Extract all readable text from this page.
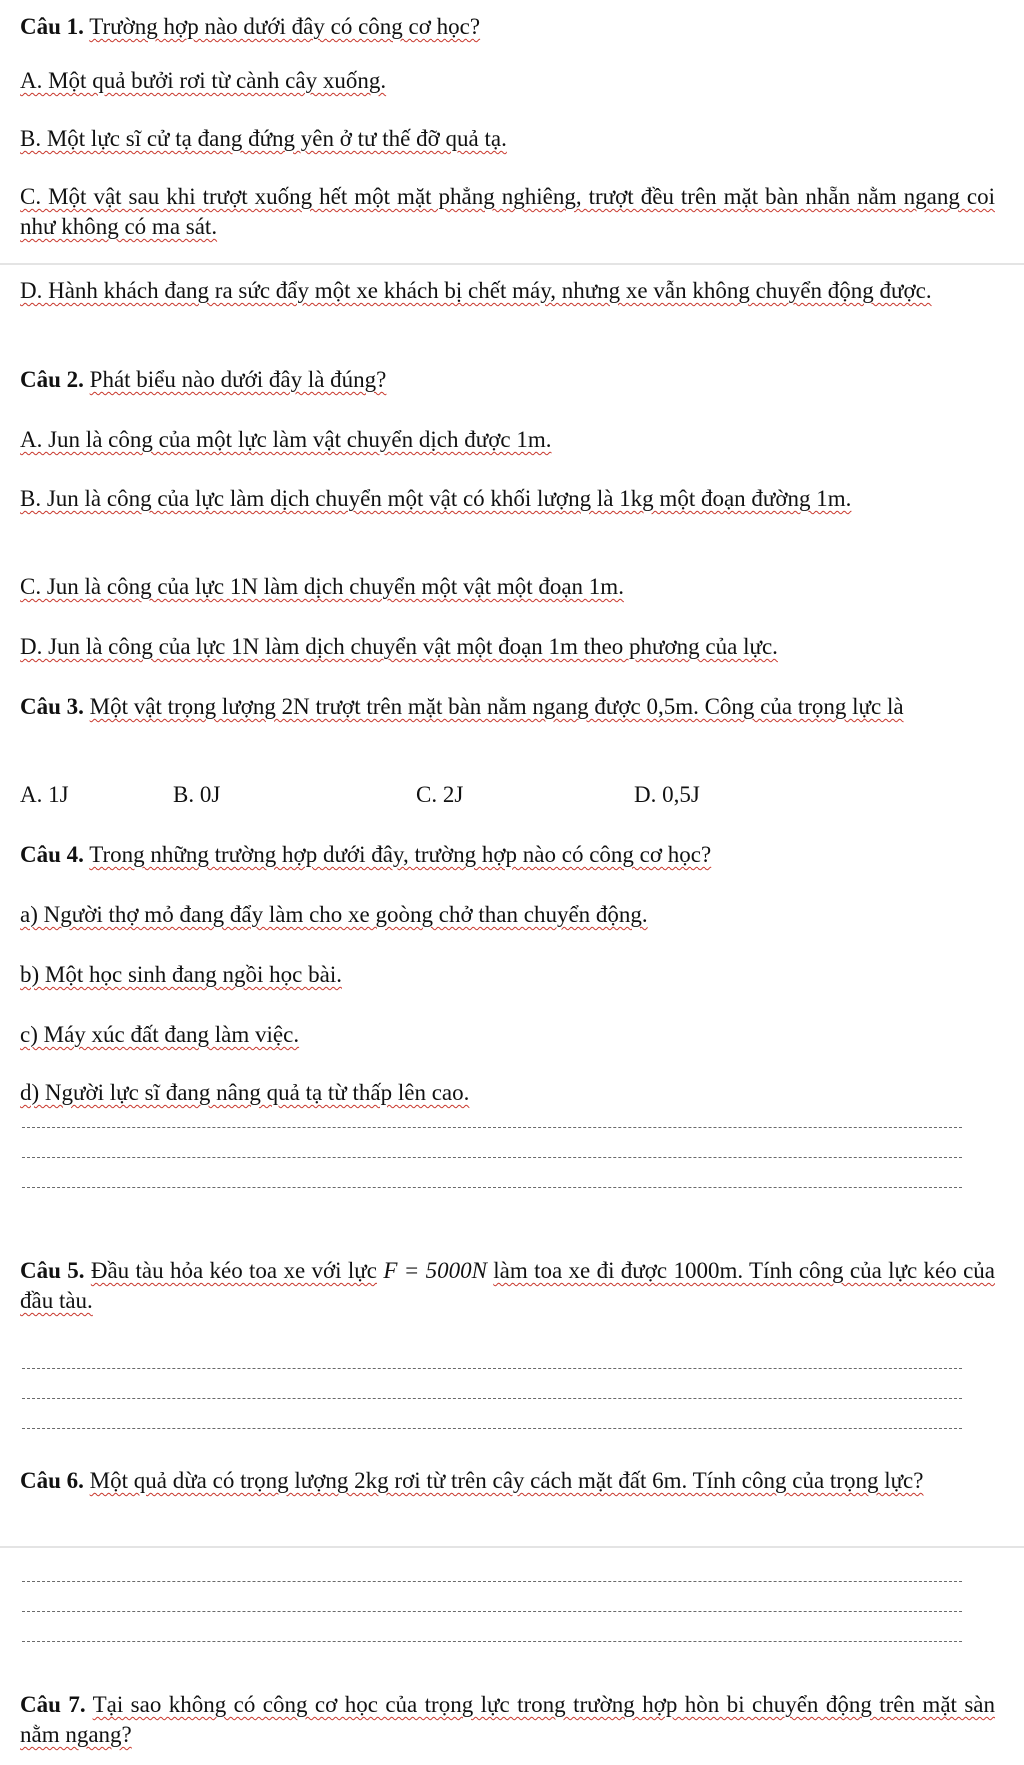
Câu 1. Trường hợp nào dưới đây có công cơ học?
A. Một quả bưởi rơi từ cành cây xuống.
B. Một lực sĩ cử tạ đang đứng yên ở tư thế đỡ quả tạ.
C. Một vật sau khi trượt xuống hết một mặt phẳng nghiêng, trượt đều trên mặt bàn nhẵn nằm ngang coi như không có ma sát.
D. Hành khách đang ra sức đẩy một xe khách bị chết máy, nhưng xe vẫn không chuyển động được.
Câu 2. Phát biểu nào dưới đây là đúng?
A. Jun là công của một lực làm vật chuyển dịch được 1m.
B. Jun là công của lực làm dịch chuyển một vật có khối lượng là 1kg một đoạn đường 1m.
C. Jun là công của lực 1N làm dịch chuyển một vật một đoạn 1m.
D. Jun là công của lực 1N làm dịch chuyển vật một đoạn 1m theo phương của lực.
Câu 3. Một vật trọng lượng 2N trượt trên mặt bàn nằm ngang được 0,5m. Công của trọng lực là
A. 1J	B. 0J	C. 2J	D. 0,5J
Câu 4. Trong những trường hợp dưới đây, trường hợp nào có công cơ học?
a) Người thợ mỏ đang đẩy làm cho xe goòng chở than chuyển động.
b) Một học sinh đang ngồi học bài.
c) Máy xúc đất đang làm việc.
d) Người lực sĩ đang nâng quả tạ từ thấp lên cao.
Câu 5. Đầu tàu hỏa kéo toa xe với lực F = 5000N làm toa xe đi được 1000m. Tính công của lực kéo của đầu tàu.
Câu 6. Một quả dừa có trọng lượng 2kg rơi từ trên cây cách mặt đất 6m. Tính công của trọng lực?
Câu 7. Tại sao không có công cơ học của trọng lực trong trường hợp hòn bi chuyển động trên mặt sàn nằm ngang?
